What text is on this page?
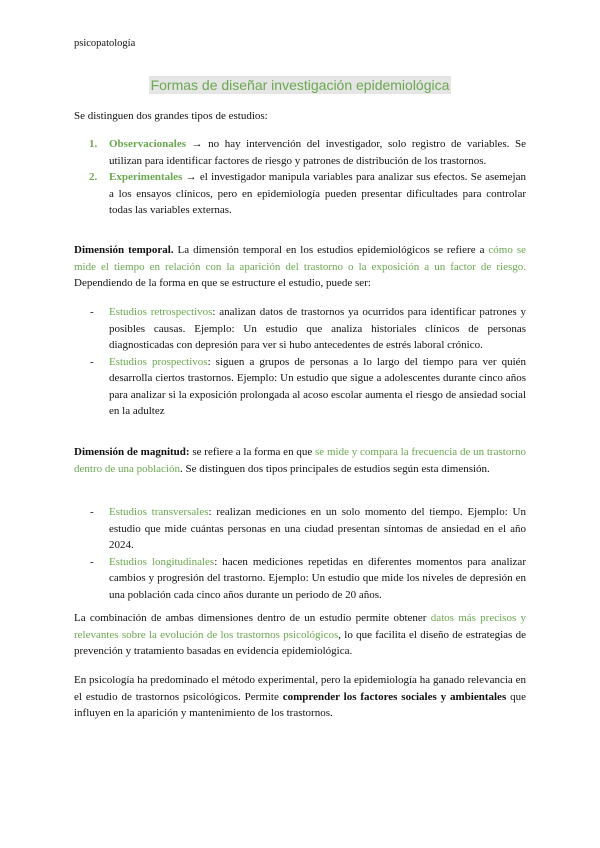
psicopatología
Formas de diseñar investigación epidemiológica
Se distinguen dos grandes tipos de estudios:
1. Observacionales → no hay intervención del investigador, solo registro de variables. Se utilizan para identificar factores de riesgo y patrones de distribución de los trastornos.
2. Experimentales → el investigador manipula variables para analizar sus efectos. Se asemejan a los ensayos clínicos, pero en epidemiología pueden presentar dificultades para controlar todas las variables externas.

Dimensión temporal. La dimensión temporal en los estudios epidemiológicos se refiere a cómo se mide el tiempo en relación con la aparición del trastorno o la exposición a un factor de riesgo. Dependiendo de la forma en que se estructure el estudio, puede ser:

- Estudios retrospectivos: analizan datos de trastornos ya ocurridos para identificar patrones y posibles causas. Ejemplo: Un estudio que analiza historiales clínicos de personas diagnosticadas con depresión para ver si hubo antecedentes de estrés laboral crónico.
- Estudios prospectivos: siguen a grupos de personas a lo largo del tiempo para ver quién desarrolla ciertos trastornos. Ejemplo: Un estudio que sigue a adolescentes durante cinco años para analizar si la exposición prolongada al acoso escolar aumenta el riesgo de ansiedad social en la adultez

Dimensión de magnitud: se refiere a la forma en que se mide y compara la frecuencia de un trastorno dentro de una población. Se distinguen dos tipos principales de estudios según esta dimensión.

- Estudios transversales: realizan mediciones en un solo momento del tiempo. Ejemplo: Un estudio que mide cuántas personas en una ciudad presentan síntomas de ansiedad en el año 2024.
- Estudios longitudinales: hacen mediciones repetidas en diferentes momentos para analizar cambios y progresión del trastorno. Ejemplo: Un estudio que mide los niveles de depresión en una población cada cinco años durante un periodo de 20 años.

La combinación de ambas dimensiones dentro de un estudio permite obtener datos más precisos y relevantes sobre la evolución de los trastornos psicológicos, lo que facilita el diseño de estrategias de prevención y tratamiento basadas en evidencia epidemiológica.

En psicología ha predominado el método experimental, pero la epidemiología ha ganado relevancia en el estudio de trastornos psicológicos. Permite comprender los factores sociales y ambientales que influyen en la aparición y mantenimiento de los trastornos.
